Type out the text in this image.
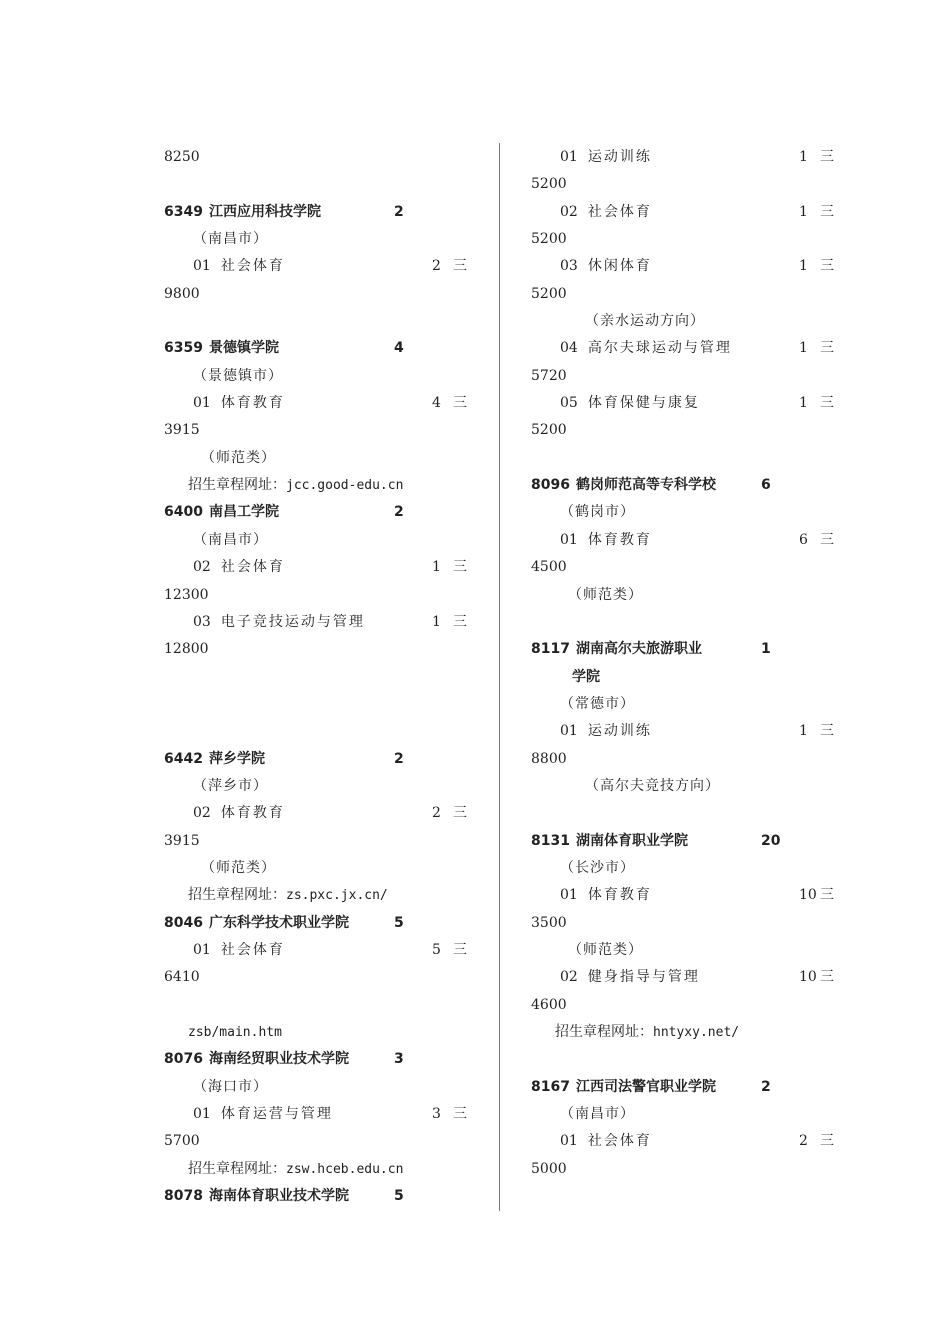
8250
6349 江西应用科技学院	2
（南昌市）
01 社会体育	2 三
9800
6359 景德镇学院	4
（景德镇市）
01 体育教育	4 三
3915
（师范类）
招生章程网址：jcc.good-edu.cn
6400 南昌工学院	2
（南昌市）
02 社会体育	1 三
12300
03 电子竞技运动与管理	1 三
12800
6442 萍乡学院	2
（萍乡市）
02 体育教育	2 三
3915
（师范类）
招生章程网址：zs.pxc.jx.cn/
8046 广东科学技术职业学院	5
01 社会体育	5 三
6410
zsb/main.htm
8076 海南经贸职业技术学院	3
（海口市）
01 体育运营与管理	3 三
5700
招生章程网址：zsw.hceb.edu.cn
8078 海南体育职业技术学院	5
01 运动训练	1 三
5200
02 社会体育	1 三
5200
03 休闲体育	1 三
5200
（亲水运动方向）
04 高尔夫球运动与管理	1 三
5720
05 体育保健与康复	1 三
5200
8096 鹤岗师范高等专科学校	6
（鹤岗市）
01 体育教育	6 三
4500
（师范类）
8117 湖南高尔夫旅游职业	1
学院
（常德市）
01 运动训练	1 三
8800
（高尔夫竞技方向）
8131 湖南体育职业学院	20
（长沙市）
01 体育教育	10 三
3500
（师范类）
02 健身指导与管理	10 三
4600
招生章程网址：hntyxy.net/
8167 江西司法警官职业学院	2
（南昌市）
01 社会体育	2 三
5000
